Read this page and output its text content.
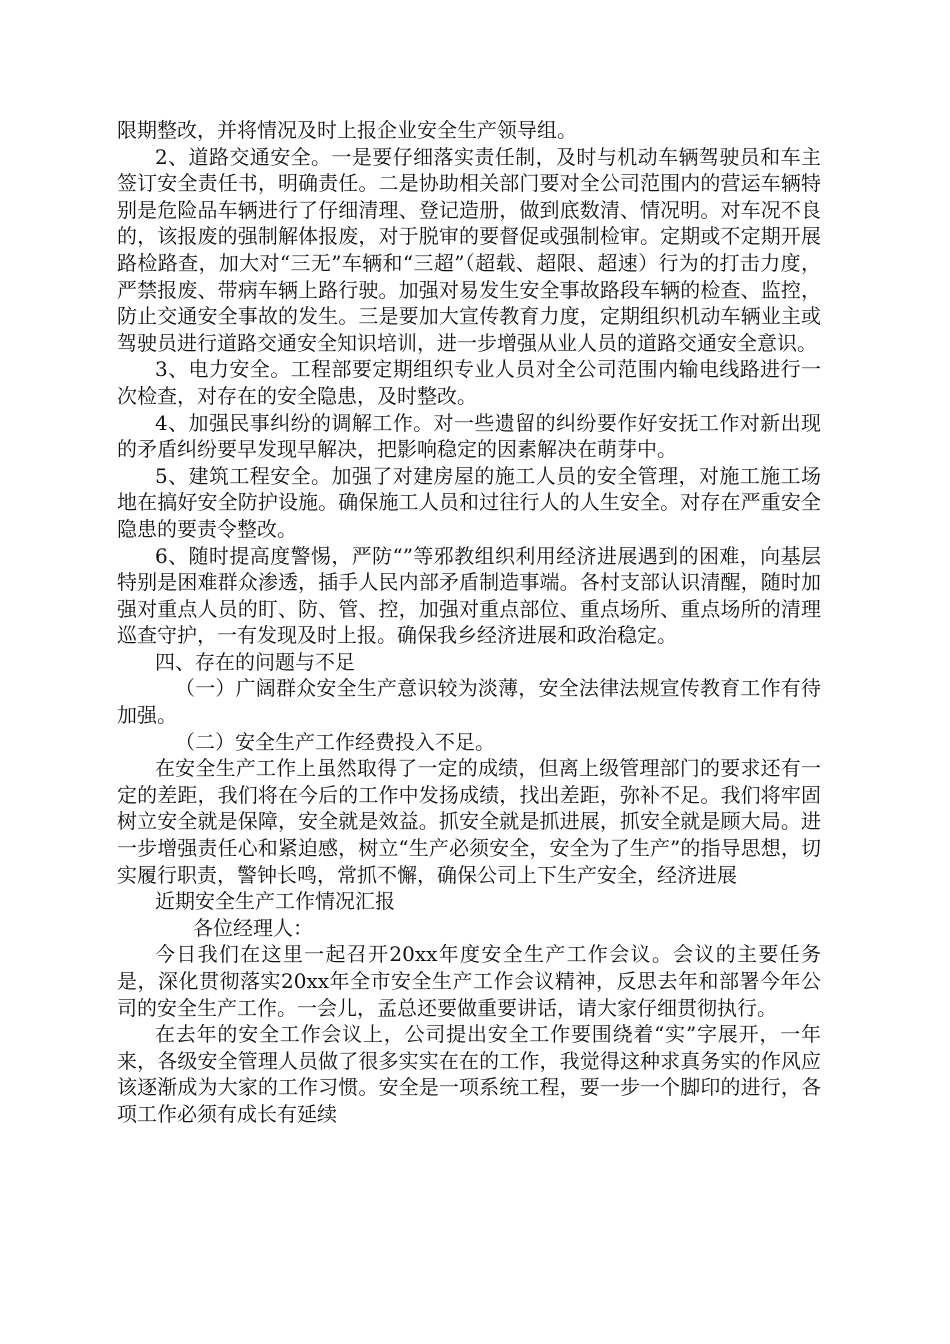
限期整改，并将情况及时上报企业安全生产领导组。

2、道路交通安全。一是要仔细落实责任制，及时与机动车辆驾驶员和车主签订安全责任书，明确责任。二是协助相关部门要对全公司范围内的营运车辆特别是危险品车辆进行了仔细清理、登记造册，做到底数清、情况明。对车况不良的，该报废的强制解体报废，对于脱审的要督促或强制检审。定期或不定期开展路检路查，加大对“三无”车辆和“三超”（超载、超限、超速）行为的打击力度，严禁报废、带病车辆上路行驶。加强对易发生安全事故路段车辆的检查、监控，防止交通安全事故的发生。三是要加大宣传教育力度，定期组织机动车辆业主或驾驶员进行道路交通安全知识培训，进一步增强从业人员的道路交通安全意识。

3、电力安全。工程部要定期组织专业人员对全公司范围内输电线路进行一次检查，对存在的安全隐患，及时整改。

4、加强民事纠纷的调解工作。对一些遗留的纠纷要作好安抚工作对新出现的矛盾纠纷要早发现早解决，把影响稳定的因素解决在萌芽中。

5、建筑工程安全。加强了对建房屋的施工人员的安全管理，对施工施工场地在搞好安全防护设施。确保施工人员和过往行人的人生安全。对存在严重安全隐患的要责令整改。

6、随时提高度警惕，严防“”等邪教组织利用经济进展遇到的困难，向基层特别是困难群众渗透，插手人民内部矛盾制造事端。各村支部认识清醒，随时加强对重点人员的盯、防、管、控，加强对重点部位、重点场所、重点场所的清理巡查守护，一有发现及时上报。确保我乡经济进展和政治稳定。

四、存在的问题与不足

（一）广阔群众安全生产意识较为淡薄，安全法律法规宣传教育工作有待加强。

（二）安全生产工作经费投入不足。

在安全生产工作上虽然取得了一定的成绩，但离上级管理部门的要求还有一定的差距，我们将在今后的工作中发扬成绩，找出差距，弥补不足。我们将牢固树立安全就是保障，安全就是效益。抓安全就是抓进展，抓安全就是顾大局。进一步增强责任心和紧迫感，树立“生产必须安全，安全为了生产”的指导思想，切实履行职责，警钟长鸣，常抓不懈，确保公司上下生产安全，经济进展

近期安全生产工作情况汇报

各位经理人：

今日我们在这里一起召开20xx年度安全生产工作会议。会议的主要任务是，深化贯彻落实20xx年全市安全生产工作会议精神，反思去年和部署今年公司的安全生产工作。一会儿，孟总还要做重要讲话，请大家仔细贯彻执行。

在去年的安全工作会议上，公司提出安全工作要围绕着“实”字展开，一年来，各级安全管理人员做了很多实实在在的工作，我觉得这种求真务实的作风应该逐渐成为大家的工作习惯。安全是一项系统工程，要一步一个脚印的进行，各项工作必须有成长有延续
